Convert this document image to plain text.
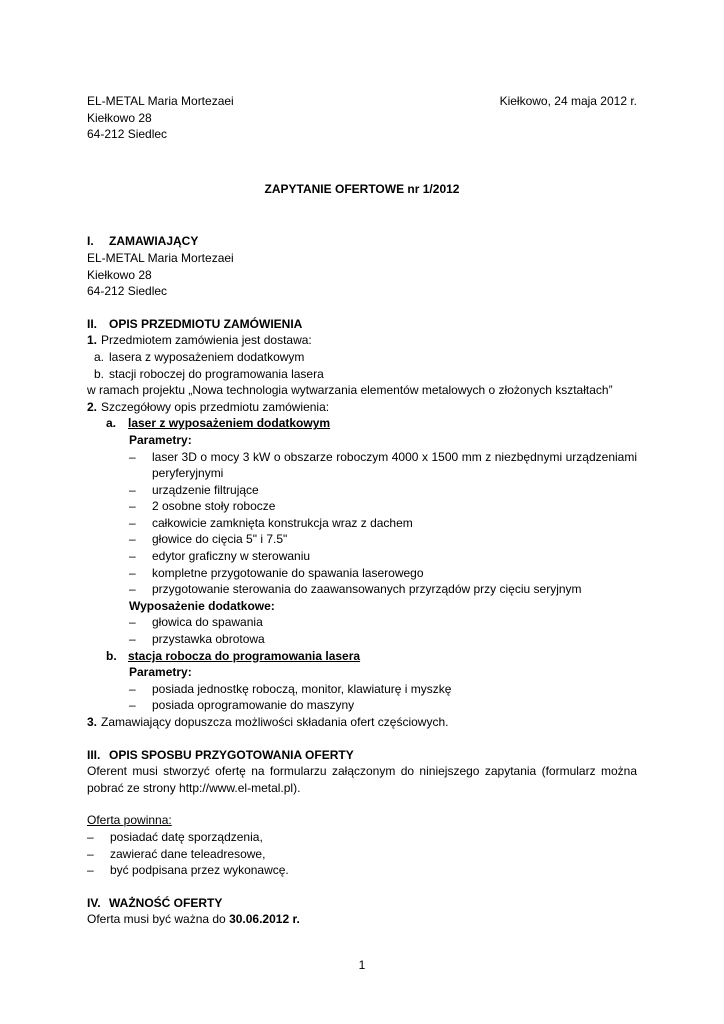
EL-METAL Maria Mortezaei
Kiełkowo 28
64-212 Siedlec
Kiełkowo, 24 maja 2012 r.
ZAPYTANIE OFERTOWE nr 1/2012
I.	ZAMAWIAJĄCY
EL-METAL Maria Mortezaei
Kiełkowo 28
64-212 Siedlec
II. OPIS PRZEDMIOTU ZAMÓWIENIA
1. Przedmiotem zamówienia jest dostawa:
a. lasera z wyposażeniem dodatkowym
b. stacji roboczej do programowania lasera
w ramach projektu „Nowa technologia wytwarzania elementów metalowych o złożonych kształtach”
2. Szczegółowy opis przedmiotu zamówienia:
a. laser z wyposażeniem dodatkowym
Parametry:
–	laser 3D o mocy 3 kW o obszarze roboczym 4000 x 1500 mm z niezbędnymi urządzeniami peryferyjnymi
–	urządzenie filtrujące
–	2 osobne stoły robocze
–	całkowicie zamknięta konstrukcja wraz z dachem
–	głowice do cięcia 5" i 7.5"
–	edytor graficzny w sterowaniu
–	kompletne przygotowanie do spawania laserowego
–	przygotowanie sterowania do zaawansowanych przyrządów przy cięciu seryjnym
Wyposażenie dodatkowe:
–	głowica do spawania
–	przystawka obrotowa
b. stacja robocza do programowania lasera
Parametry:
–	posiada jednostkę roboczą, monitor, klawiaturę i myszkę
–	posiada oprogramowanie do maszyny
3. Zamawiający dopuszcza możliwości składania ofert częściowych.
III. OPIS SPOSBU PRZYGOTOWANIA OFERTY
Oferent musi stworzyć ofertę na formularzu załączonym do niniejszego zapytania (formularz można pobrać ze strony http://www.el-metal.pl).
Oferta powinna:
–	posiadać datę sporządzenia,
–	zawierać dane teleadresowe,
–	być podpisana przez wykonawcę.
IV. WAŻNOŚĆ OFERTY
Oferta musi być ważna do 30.06.2012 r.
1
